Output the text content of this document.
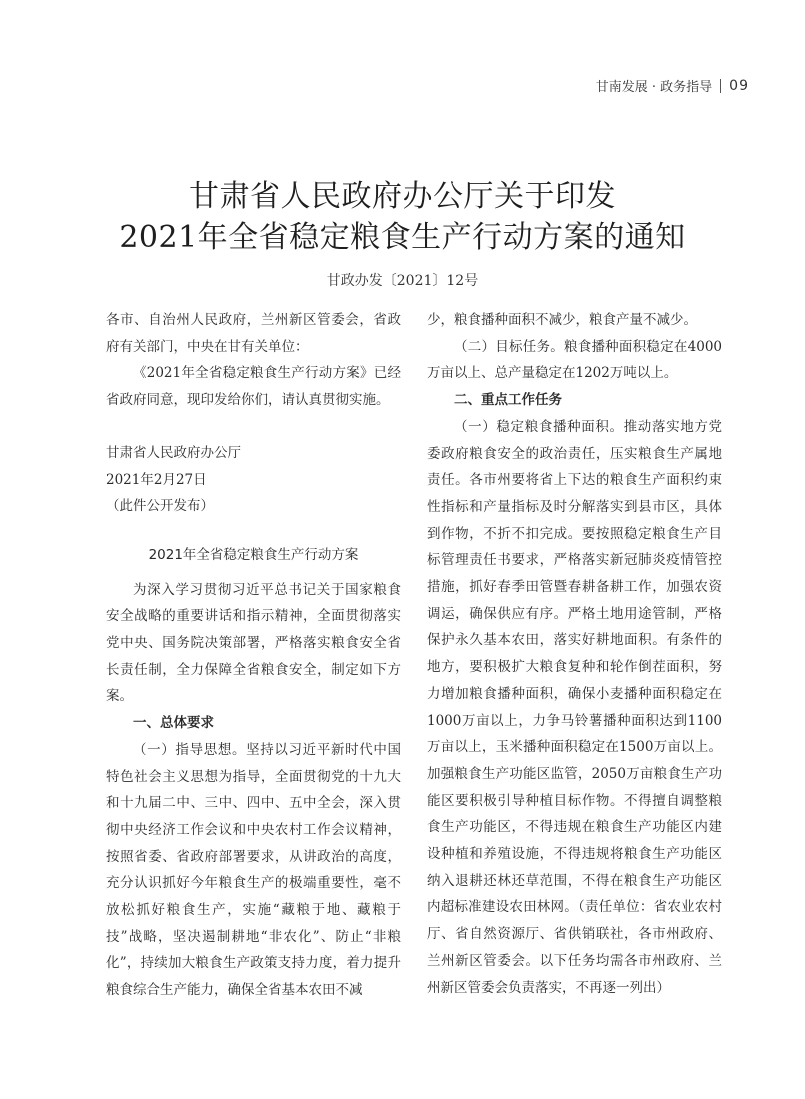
甘南发展 · 政务指导 09
甘肃省人民政府办公厅关于印发
2021年全省稳定粮食生产行动方案的通知
甘政办发〔2021〕12号

各市、自治州人民政府，兰州新区管委会，省政府有关部门，中央在甘有关单位：

《2021年全省稳定粮食生产行动方案》已经省政府同意，现印发给你们，请认真贯彻实施。

甘肃省人民政府办公厅

2021年2月27日

（此件公开发布）

2021年全省稳定粮食生产行动方案

为深入学习贯彻习近平总书记关于国家粮食安全战略的重要讲话和指示精神，全面贯彻落实党中央、国务院决策部署，严格落实粮食安全省长责任制，全力保障全省粮食安全，制定如下方案。

一、总体要求

（一）指导思想。坚持以习近平新时代中国特色社会主义思想为指导，全面贯彻党的十九大和十九届二中、三中、四中、五中全会，深入贯彻中央经济工作会议和中央农村工作会议精神，按照省委、省政府部署要求，从讲政治的高度，充分认识抓好今年粮食生产的极端重要性，毫不放松抓好粮食生产，实施“藏粮于地、藏粮于技”战略，坚决遏制耕地“非农化”、防止“非粮化”，持续加大粮食生产政策支持力度，着力提升粮食综合生产能力，确保全省基本农田不减

少，粮食播种面积不减少，粮食产量不减少。

（二）目标任务。粮食播种面积稳定在4000万亩以上、总产量稳定在1202万吨以上。

二、重点工作任务

（一）稳定粮食播种面积。推动落实地方党委政府粮食安全的政治责任，压实粮食生产属地责任。各市州要将省上下达的粮食生产面积约束性指标和产量指标及时分解落实到县市区，具体到作物，不折不扣完成。要按照稳定粮食生产目标管理责任书要求，严格落实新冠肺炎疫情管控措施，抓好春季田管暨春耕备耕工作，加强农资调运，确保供应有序。严格土地用途管制，严格保护永久基本农田，落实好耕地面积。有条件的地方，要积极扩大粮食复种和轮作倒茬面积，努力增加粮食播种面积，确保小麦播种面积稳定在1000万亩以上，力争马铃薯播种面积达到1100万亩以上，玉米播种面积稳定在1500万亩以上。加强粮食生产功能区监管，2050万亩粮食生产功能区要积极引导种植目标作物。不得擅自调整粮食生产功能区，不得违规在粮食生产功能区内建设种植和养殖设施，不得违规将粮食生产功能区纳入退耕还林还草范围，不得在粮食生产功能区内超标准建设农田林网。（责任单位：省农业农村厅、省自然资源厅、省供销联社，各市州政府、兰州新区管委会。以下任务均需各市州政府、兰州新区管委会负责落实，不再逐一列出）
